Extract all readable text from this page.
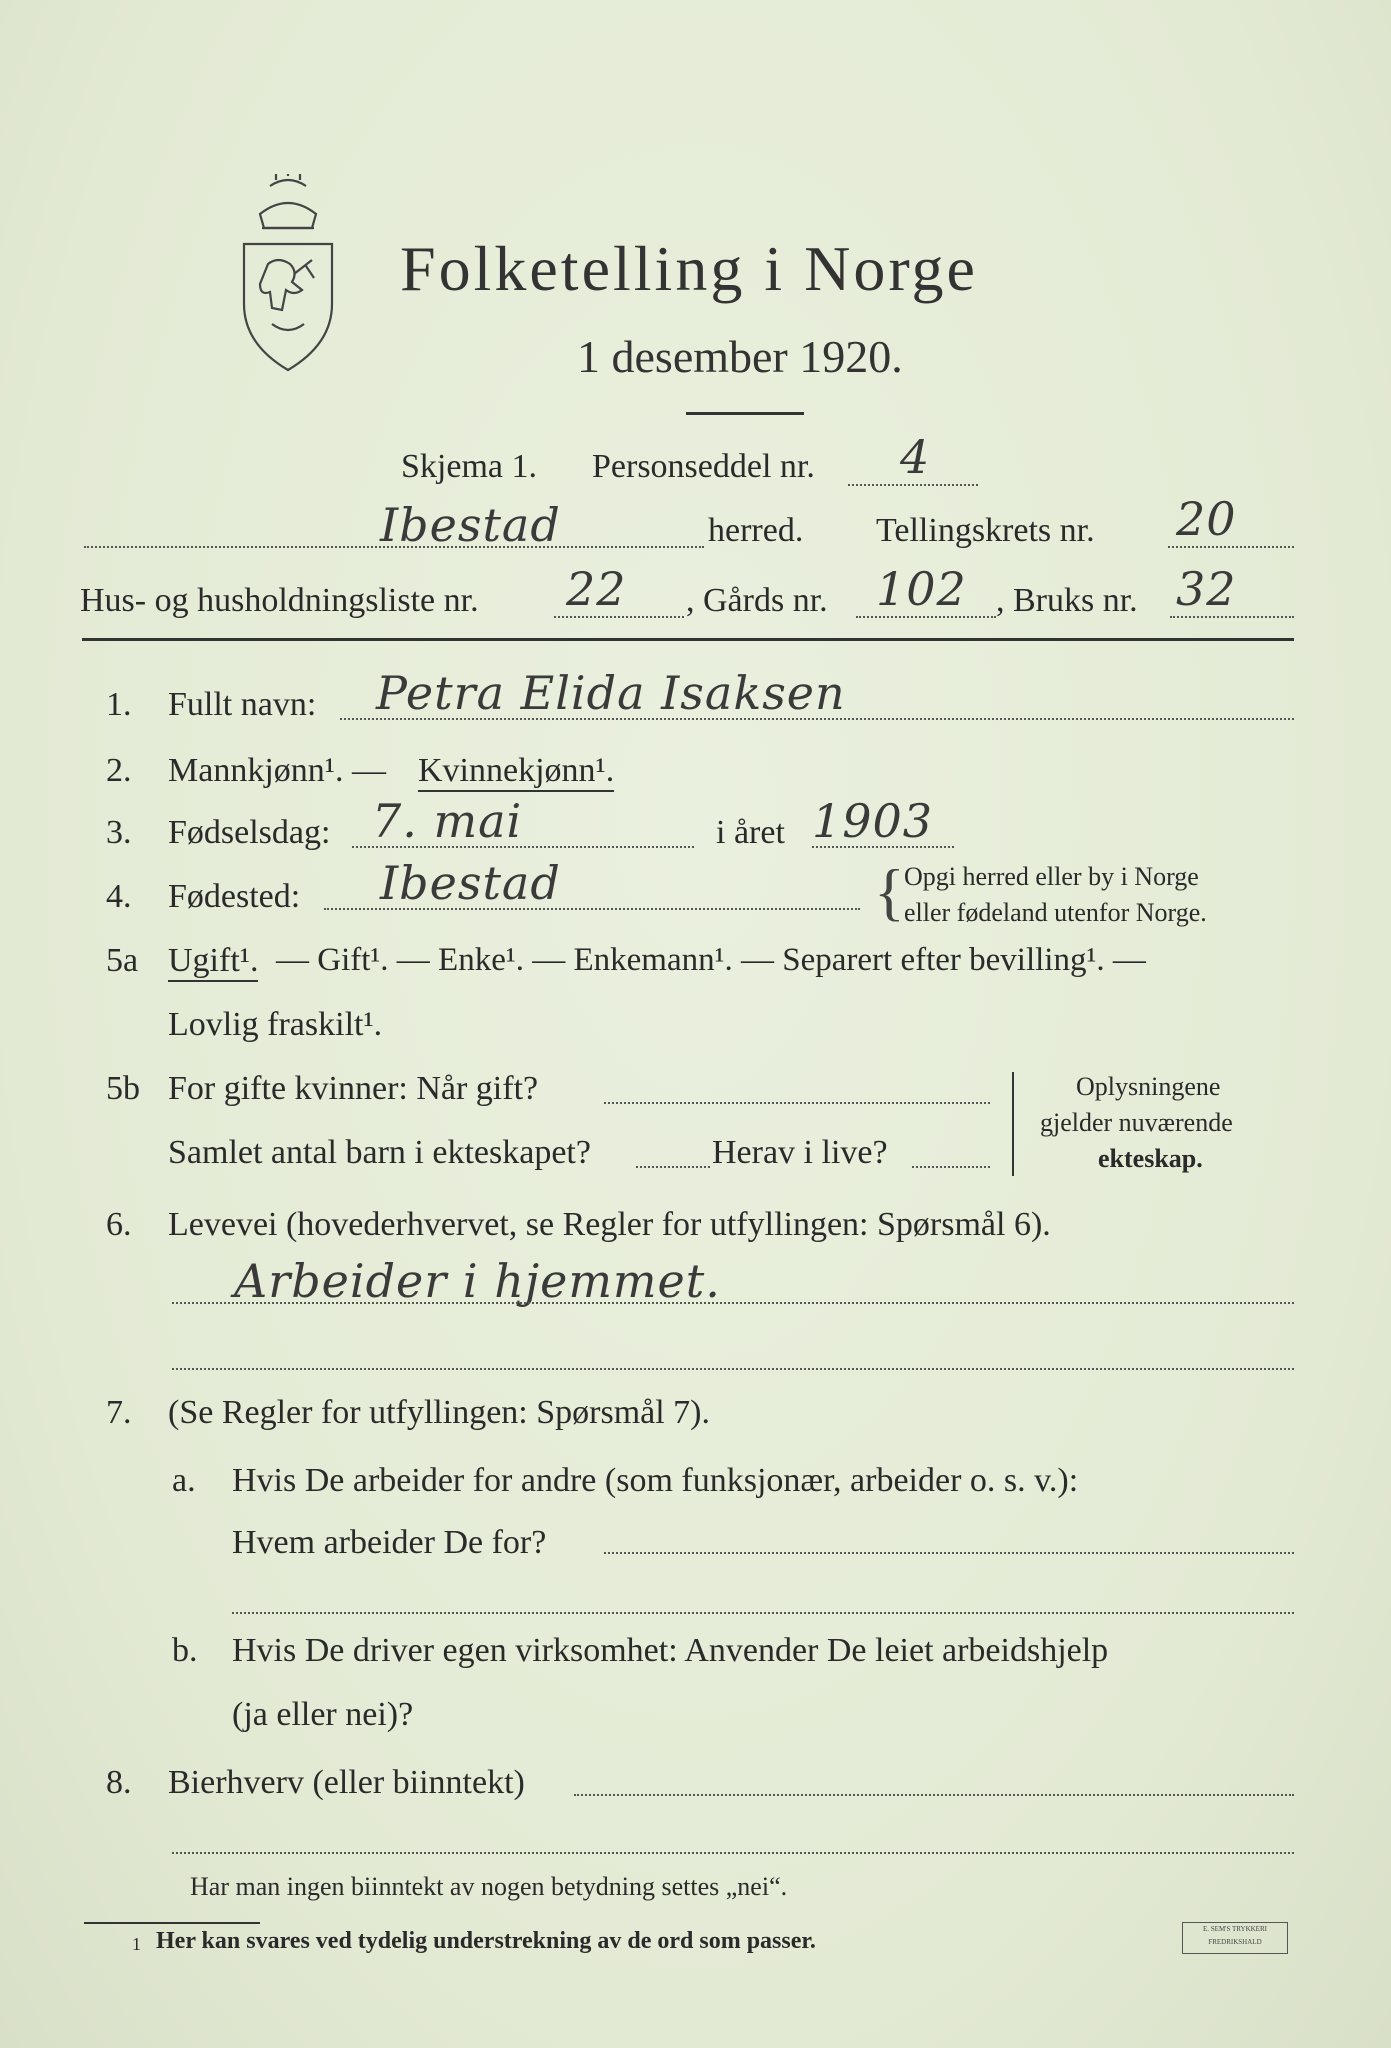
Folketelling i Norge
1 desember 1920.
Skjema 1. Personseddel nr. 4
Ibestad	herred. Tellingskrets nr. 20
Hus- og husholdningsliste nr. 22 , Gårds nr. 102 , Bruks nr. 32
1. Fullt navn: Petra Elida Isaksen
2. Mannkjønn¹. — Kvinnekjønn¹.
3. Fødselsdag: 7. mai	i året 1903
4. Fødested: Ibestad	{ Opgi herred eller by i Norge
eller fødeland utenfor Norge.
5a Ugift¹. — Gift¹. — Enke¹. — Enkemann¹. — Separert efter bevilling¹. —
Lovlig fraskilt¹.
5b For gifte kvinner: Når gift?
Samlet antal barn i ekteskapet?	Herav i live?
Oplysningene
gjelder nuværende
ekteskap.
6. Levevei (hovederhvervet, se Regler for utfyllingen: Spørsmål 6).
Arbeider i hjemmet.
7. (Se Regler for utfyllingen: Spørsmål 7).
a. Hvis De arbeider for andre (som funksjonær, arbeider o. s. v.):
Hvem arbeider De for?
b. Hvis De driver egen virksomhet: Anvender De leiet arbeidshjelp
(ja eller nei)?
8. Bierhverv (eller biinntekt)
Har man ingen biinntekt av nogen betydning settes „nei“.
1 Her kan svares ved tydelig understrekning av de ord som passer.	E. SEM'S TRYKKERI
FREDRIKSHALD
